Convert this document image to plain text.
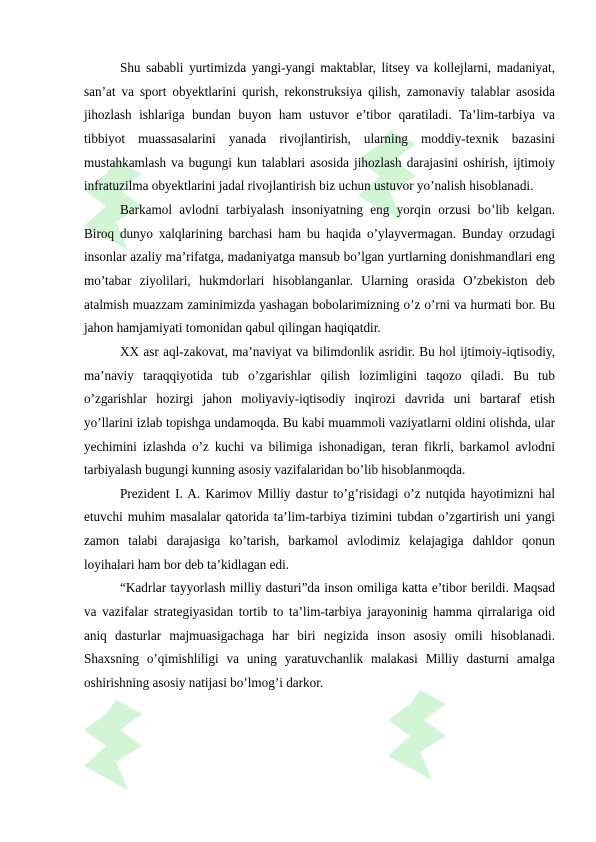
Shu sababli yurtimizda yangi-yangi maktablar, litsey va kollejlarni, madaniyat, san’at va sport obyektlarini qurish, rekonstruksiya qilish, zamonaviy talablar asosida jihozlash ishlariga bundan buyon ham ustuvor e’tibor qaratiladi. Ta’lim-tarbiya va tibbiyot muassasalarini yanada rivojlantirish, ularning moddiy-texnik bazasini mustahkamlash va bugungi kun talablari asosida jihozlash darajasini oshirish, ijtimoiy infratuzilma obyektlarini jadal rivojlantirish biz uchun ustuvor yo’nalish hisoblanadi.

Barkamol avlodni tarbiyalash insoniyatning eng yorqin orzusi bo’lib kelgan. Biroq dunyo xalqlarining barchasi ham bu haqida o’ylayvermagan. Bunday orzudagi insonlar azaliy ma’rifatga, madaniyatga mansub bo’lgan yurtlarning donishmandlari eng mo’tabar ziyolilari, hukmdorlari hisoblanganlar. Ularning orasida O’zbekiston deb atalmish muazzam zaminimizda yashagan bobolarimizning o’z o’rni va hurmati bor. Bu jahon hamjamiyati tomonidan qabul qilingan haqiqatdir.

XX asr aql-zakovat, ma’naviyat va bilimdonlik asridir. Bu hol ijtimoiy-iqtisodiy, ma’naviy taraqqiyotida tub o’zgarishlar qilish lozimligini taqozo qiladi. Bu tub o’zgarishlar hozirgi jahon moliyaviy-iqtisodiy inqirozi davrida uni bartaraf etish yo’llarini izlab topishga undamoqda. Bu kabi muammoli vaziyatlarni oldini olishda, ular yechimini izlashda o’z kuchi va bilimiga ishonadigan, teran fikrli, barkamol avlodni tarbiyalash bugungi kunning asosiy vazifalaridan bo’lib hisoblanmoqda.

Prezident I. A. Karimov Milliy dastur to’g’risidagi o’z nutqida hayotimizni hal etuvchi muhim masalalar qatorida ta’lim-tarbiya tizimini tubdan o’zgartirish uni yangi zamon talabi darajasiga ko’tarish, barkamol avlodimiz kelajagiga dahldor qonun loyihalari ham bor deb ta’kidlagan edi.

“Kadrlar tayyorlash milliy dasturi”da inson omiliga katta e’tibor berildi. Maqsad va vazifalar strategiyasidan tortib to ta’lim-tarbiya jarayoninig hamma qirralariga oid aniq dasturlar majmuasigachaga har biri negizida inson asosiy omili hisoblanadi. Shaxsning o’qimishliligi va uning yaratuvchanlik malakasi Milliy dasturni amalga oshirishning asosiy natijasi bo’lmog’i darkor.
